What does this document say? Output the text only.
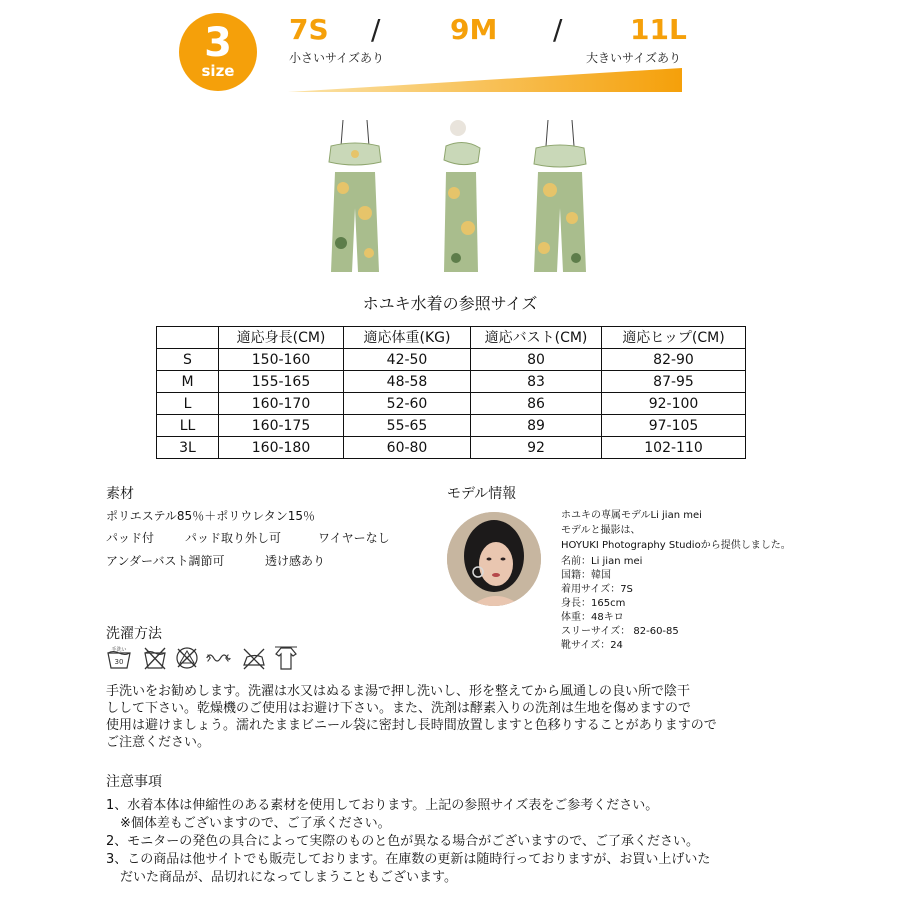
3
size
7S / 9M / 11L
小さいサイズあり	大きいサイズあり
ホユキ水着の参照サイズ
	適応身長(CM)	適応体重(KG)	適応バスト(CM)	適応ヒップ(CM)
S	150-160	42-50	80	82-90
M	155-165	48-58	83	87-95
L	160-170	52-60	86	92-100
LL	160-175	55-65	89	97-105
3L	160-180	60-80	92	102-110
素材
ポリエステル85％＋ポリウレタン15％
パッド付	パッド取り外し可	ワイヤーなし
アンダーバスト調節可	透け感あり
モデル情報
ホユキの専属モデルLi jian mei
モデルと撮影は、
HOYUKI Photography Studioから提供しました。
名前：Li jian mei
国籍：韓国
着用サイズ：7S
身長：165cm
体重：48キロ
スリーサイズ： 82-60-85
靴サイズ：24
洗濯方法
手洗い
30
手洗いをお勧めします。洗濯は水又はぬるま湯で押し洗いし、形を整えてから風通しの良い所で陰干
しして下さい。乾燥機のご使用はお避け下さい。また、洗剤は酵素入りの洗剤は生地を傷めますので
使用は避けましょう。濡れたままビニール袋に密封し長時間放置しますと色移りすることがありますので
ご注意ください。
注意事項
1、水着本体は伸縮性のある素材を使用しております。上記の参照サイズ表をご参考ください。
※個体差もございますので、ご了承ください。
2、モニターの発色の具合によって実際のものと色が異なる場合がございますので、ご了承ください。
3、この商品は他サイトでも販売しております。在庫数の更新は随時行っておりますが、お買い上げいた
だいた商品が、品切れになってしまうこともございます。
